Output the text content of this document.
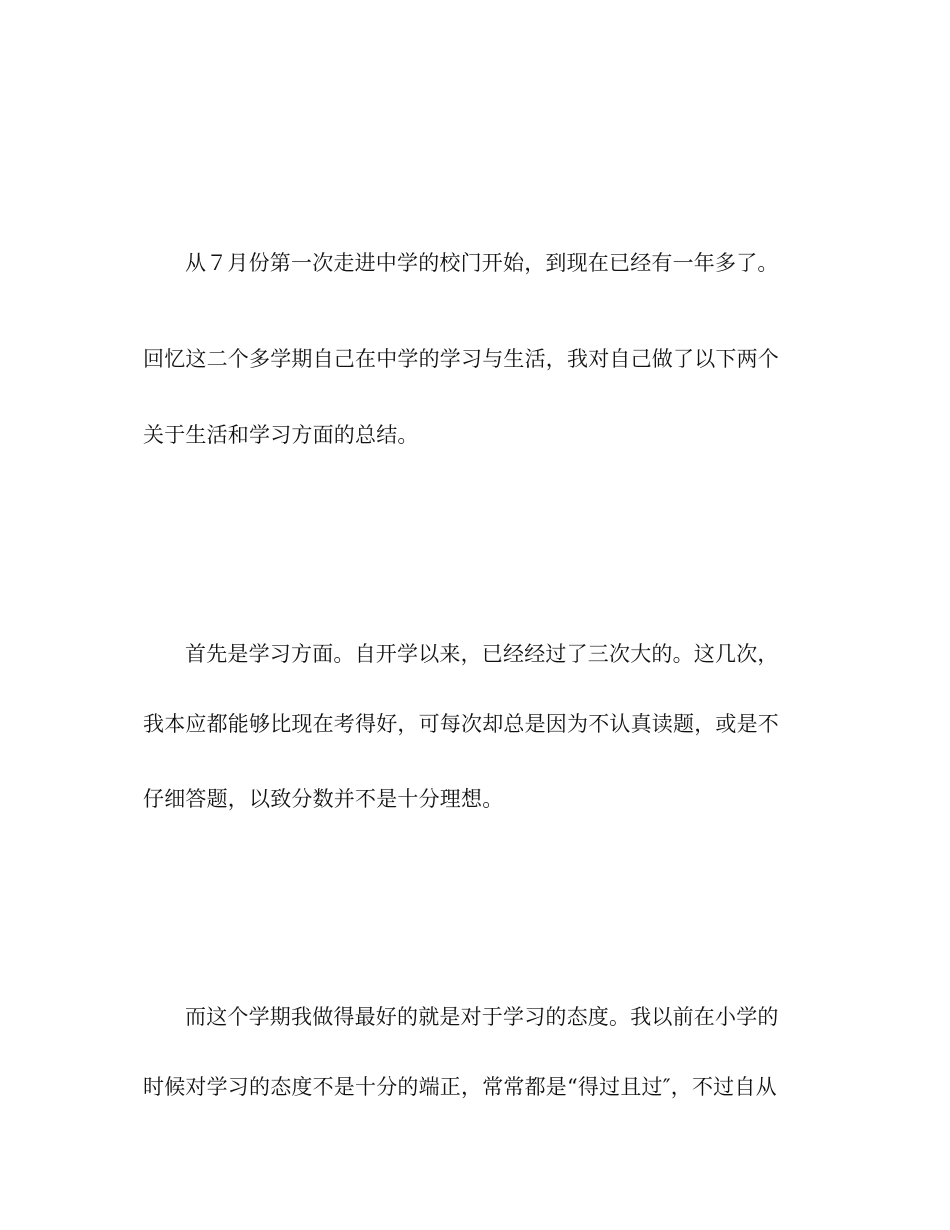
从７月份第一次走进中学的校门开始，到现在已经有一年多了。
回忆这二个多学期自己在中学的学习与生活，我对自己做了以下两个
关于生活和学习方面的总结。
首先是学习方面。自开学以来，已经经过了三次大的。这几次，
我本应都能够比现在考得好，可每次却总是因为不认真读题，或是不
仔细答题，以致分数并不是十分理想。
而这个学期我做得最好的就是对于学习的态度。我以前在小学的
时候对学习的态度不是十分的端正，常常都是“得过且过″，不过自从
